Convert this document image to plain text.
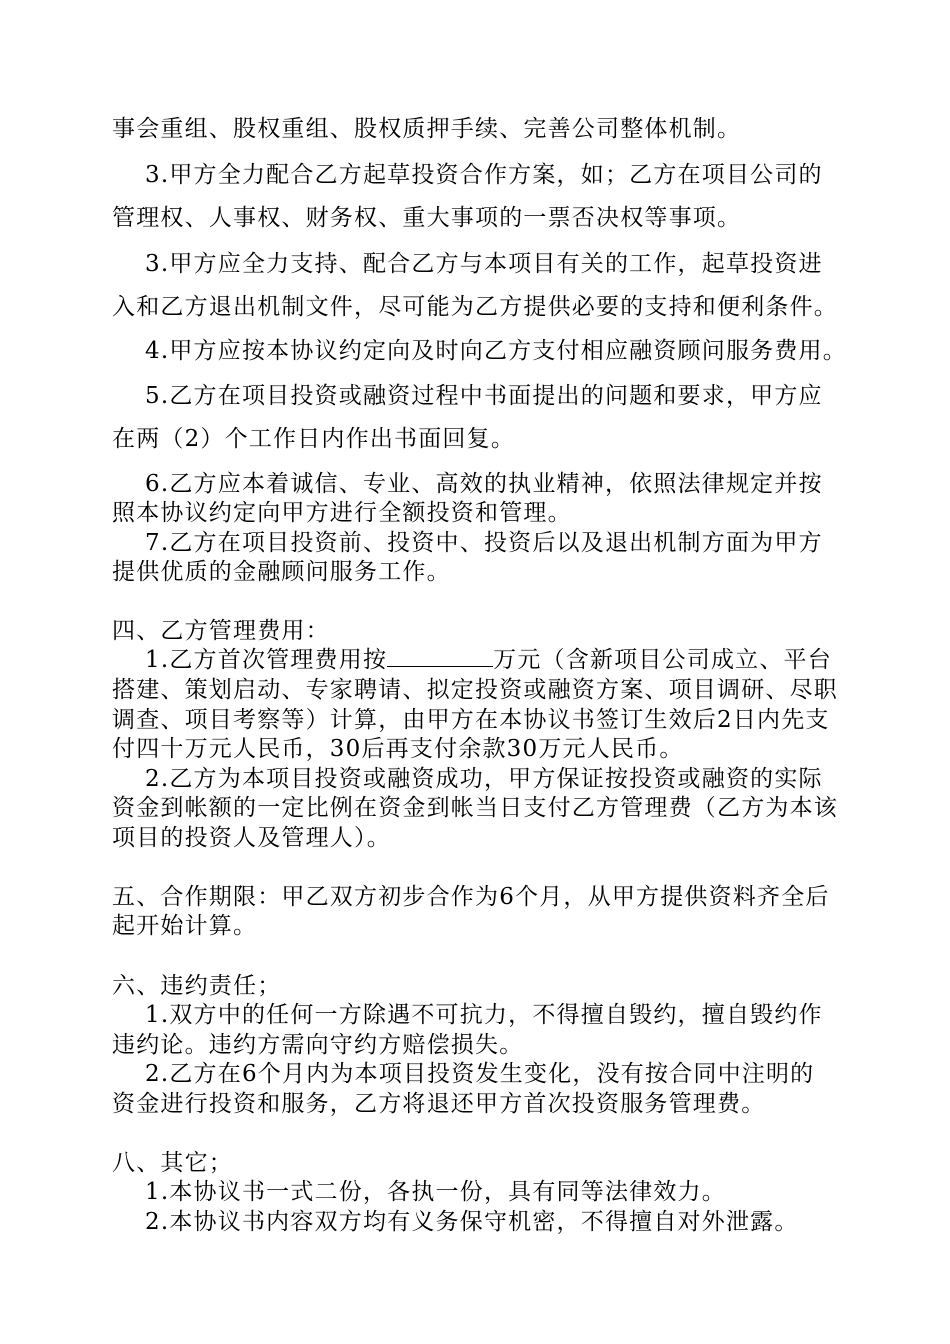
事会重组、股权重组、股权质押手续、完善公司整体机制。
3.甲方全力配合乙方起草投资合作方案，如；乙方在项目公司的
管理权、人事权、财务权、重大事项的一票否决权等事项。
3.甲方应全力支持、配合乙方与本项目有关的工作，起草投资进
入和乙方退出机制文件，尽可能为乙方提供必要的支持和便利条件。
4.甲方应按本协议约定向及时向乙方支付相应融资顾问服务费用。
5.乙方在项目投资或融资过程中书面提出的问题和要求，甲方应
在两（2）个工作日内作出书面回复。
6.乙方应本着诚信、专业、高效的执业精神，依照法律规定并按
照本协议约定向甲方进行全额投资和管理。
7.乙方在项目投资前、投资中、投资后以及退出机制方面为甲方
提供优质的金融顾问服务工作。
四、乙方管理费用：
1.乙方首次管理费用按	万元（含新项目公司成立、平台
搭建、策划启动、专家聘请、拟定投资或融资方案、项目调研、尽职
调查、项目考察等）计算，由甲方在本协议书签订生效后2日内先支
付四十万元人民币，30后再支付余款30万元人民币。
2.乙方为本项目投资或融资成功，甲方保证按投资或融资的实际
资金到帐额的一定比例在资金到帐当日支付乙方管理费（乙方为本该
项目的投资人及管理人）。
五、合作期限：甲乙双方初步合作为6个月，从甲方提供资料齐全后
起开始计算。
六、违约责任；
1.双方中的任何一方除遇不可抗力，不得擅自毁约，擅自毁约作
违约论。违约方需向守约方赔偿损失。
2.乙方在6个月内为本项目投资发生变化，没有按合同中注明的
资金进行投资和服务，乙方将退还甲方首次投资服务管理费。
八、其它；
1.本协议书一式二份，各执一份，具有同等法律效力。
2.本协议书内容双方均有义务保守机密，不得擅自对外泄露。
